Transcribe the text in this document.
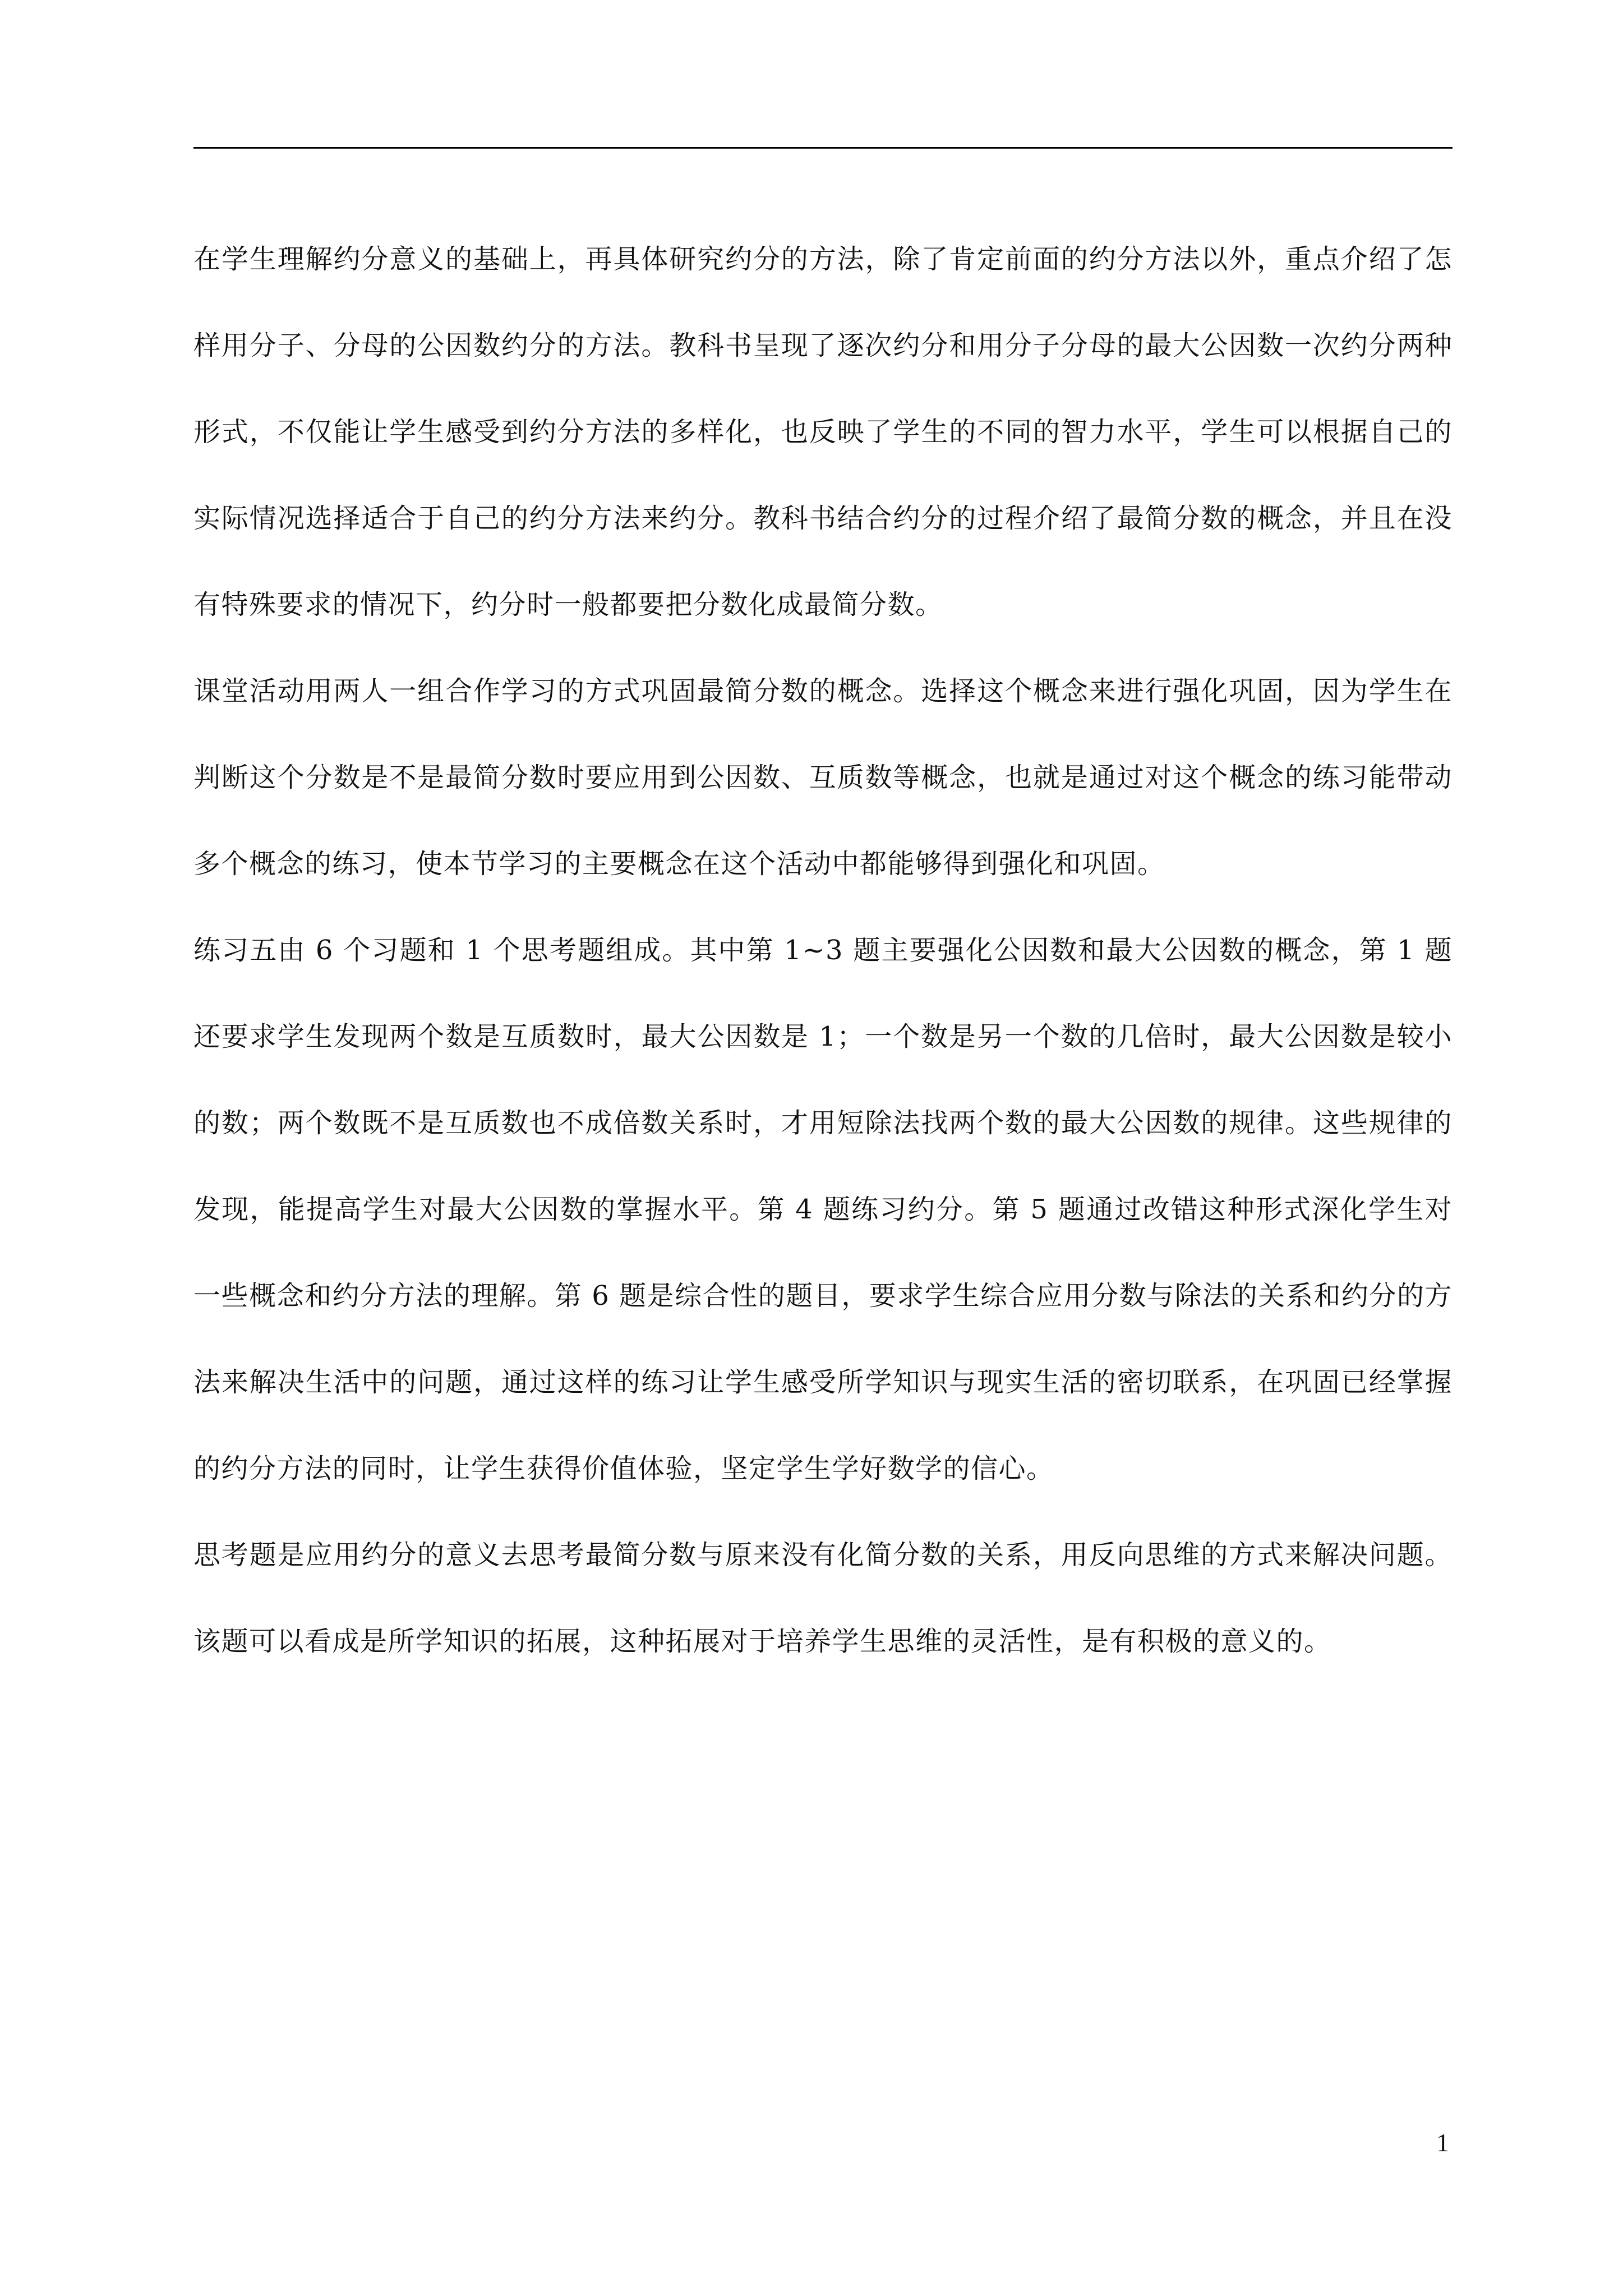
在学生理解约分意义的基础上，再具体研究约分的方法，除了肯定前面的约分方法以外，重点介绍了怎样用分子、分母的公因数约分的方法。教科书呈现了逐次约分和用分子分母的最大公因数一次约分两种形式，不仅能让学生感受到约分方法的多样化，也反映了学生的不同的智力水平，学生可以根据自己的实际情况选择适合于自己的约分方法来约分。教科书结合约分的过程介绍了最简分数的概念，并且在没有特殊要求的情况下，约分时一般都要把分数化成最简分数。

课堂活动用两人一组合作学习的方式巩固最简分数的概念。选择这个概念来进行强化巩固，因为学生在判断这个分数是不是最简分数时要应用到公因数、互质数等概念，也就是通过对这个概念的练习能带动多个概念的练习，使本节学习的主要概念在这个活动中都能够得到强化和巩固。

练习五由 6 个习题和 1 个思考题组成。其中第 1~3 题主要强化公因数和最大公因数的概念，第 1 题还要求学生发现两个数是互质数时，最大公因数是 1；一个数是另一个数的几倍时，最大公因数是较小的数；两个数既不是互质数也不成倍数关系时，才用短除法找两个数的最大公因数的规律。这些规律的发现，能提高学生对最大公因数的掌握水平。第 4 题练习约分。第 5 题通过改错这种形式深化学生对一些概念和约分方法的理解。第 6 题是综合性的题目，要求学生综合应用分数与除法的关系和约分的方法来解决生活中的问题，通过这样的练习让学生感受所学知识与现实生活的密切联系，在巩固已经掌握的约分方法的同时，让学生获得价值体验，坚定学生学好数学的信心。

思考题是应用约分的意义去思考最简分数与原来没有化简分数的关系，用反向思维的方式来解决问题。该题可以看成是所学知识的拓展，这种拓展对于培养学生思维的灵活性，是有积极的意义的。

1
